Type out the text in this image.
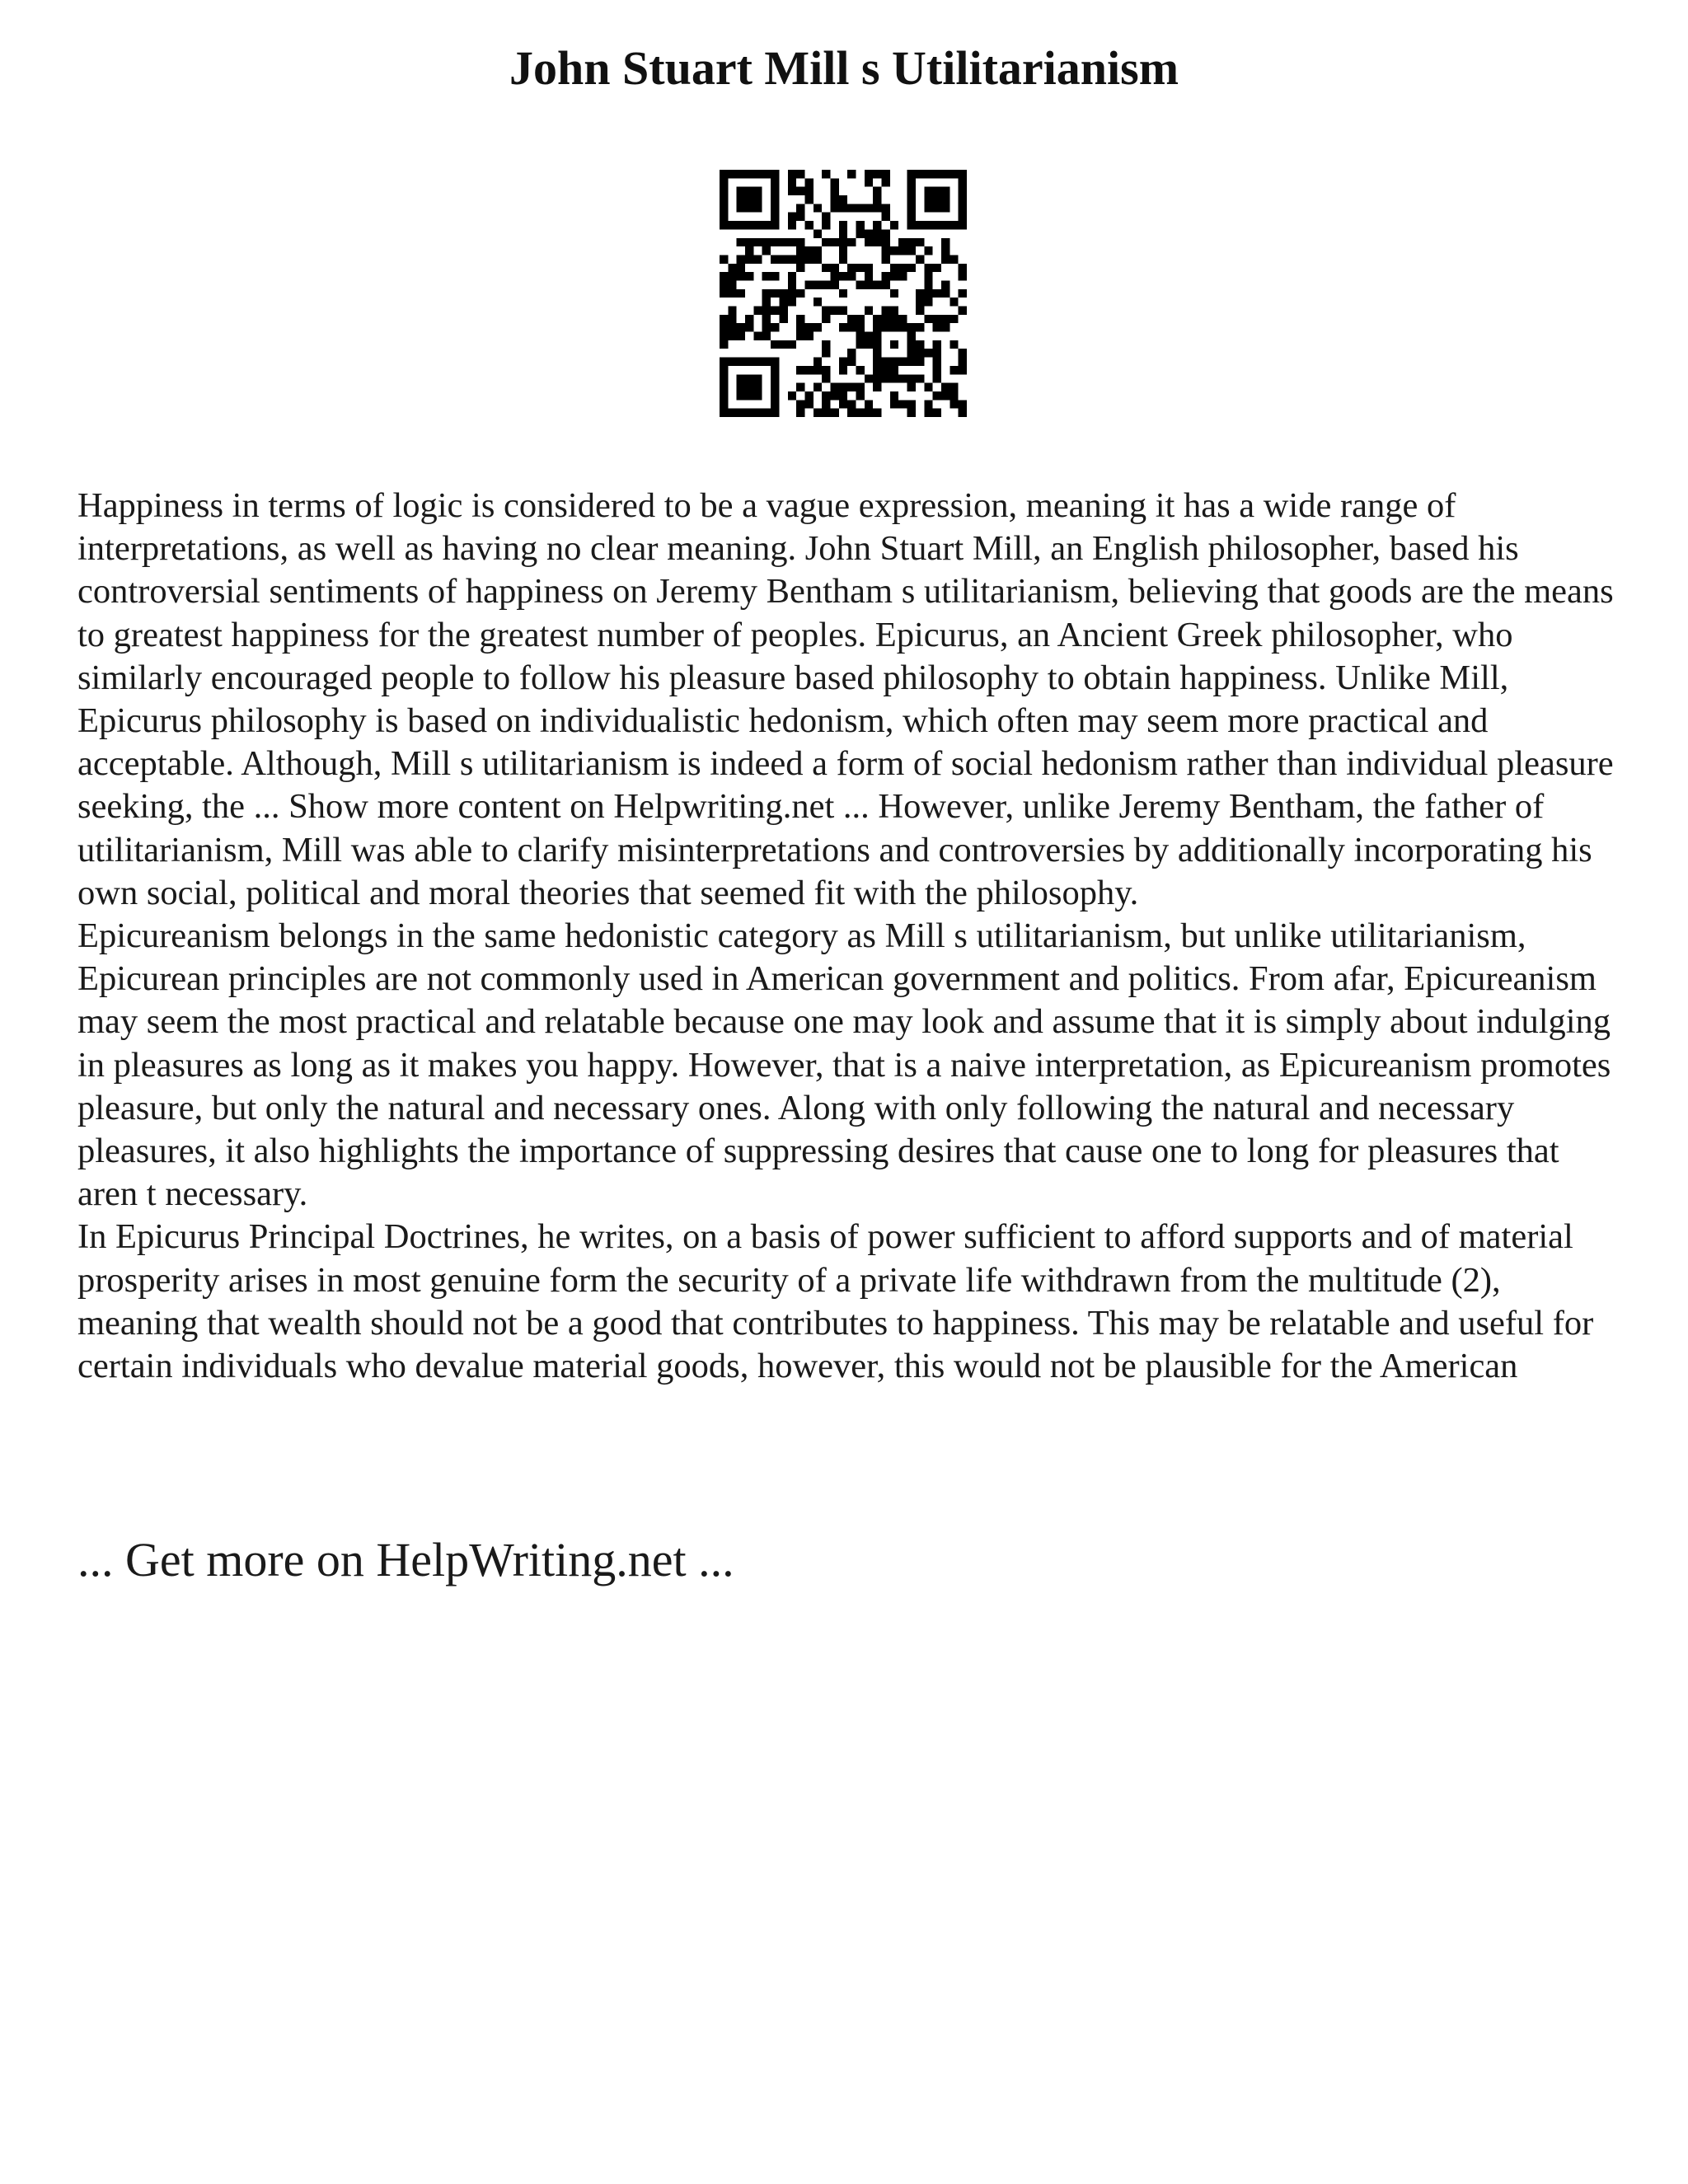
John Stuart Mill s Utilitarianism

Happiness in terms of logic is considered to be a vague expression, meaning it has a wide range of interpretations, as well as having no clear meaning. John Stuart Mill, an English philosopher, based his controversial sentiments of happiness on Jeremy Bentham s utilitarianism, believing that goods are the means to greatest happiness for the greatest number of peoples. Epicurus, an Ancient Greek philosopher, who similarly encouraged people to follow his pleasure based philosophy to obtain happiness. Unlike Mill, Epicurus philosophy is based on individualistic hedonism, which often may seem more practical and acceptable. Although, Mill s utilitarianism is indeed a form of social hedonism rather than individual pleasure seeking, the ... Show more content on Helpwriting.net ... However, unlike Jeremy Bentham, the father of utilitarianism, Mill was able to clarify misinterpretations and controversies by additionally incorporating his own social, political and moral theories that seemed fit with the philosophy.

Epicureanism belongs in the same hedonistic category as Mill s utilitarianism, but unlike utilitarianism, Epicurean principles are not commonly used in American government and politics. From afar, Epicureanism may seem the most practical and relatable because one may look and assume that it is simply about indulging in pleasures as long as it makes you happy. However, that is a naive interpretation, as Epicureanism promotes pleasure, but only the natural and necessary ones. Along with only following the natural and necessary pleasures, it also highlights the importance of suppressing desires that cause one to long for pleasures that aren t necessary.

In Epicurus Principal Doctrines, he writes, on a basis of power sufficient to afford supports and of material prosperity arises in most genuine form the security of a private life withdrawn from the multitude (2), meaning that wealth should not be a good that contributes to happiness. This may be relatable and useful for certain individuals who devalue material goods, however, this would not be plausible for the American

... Get more on HelpWriting.net ...
